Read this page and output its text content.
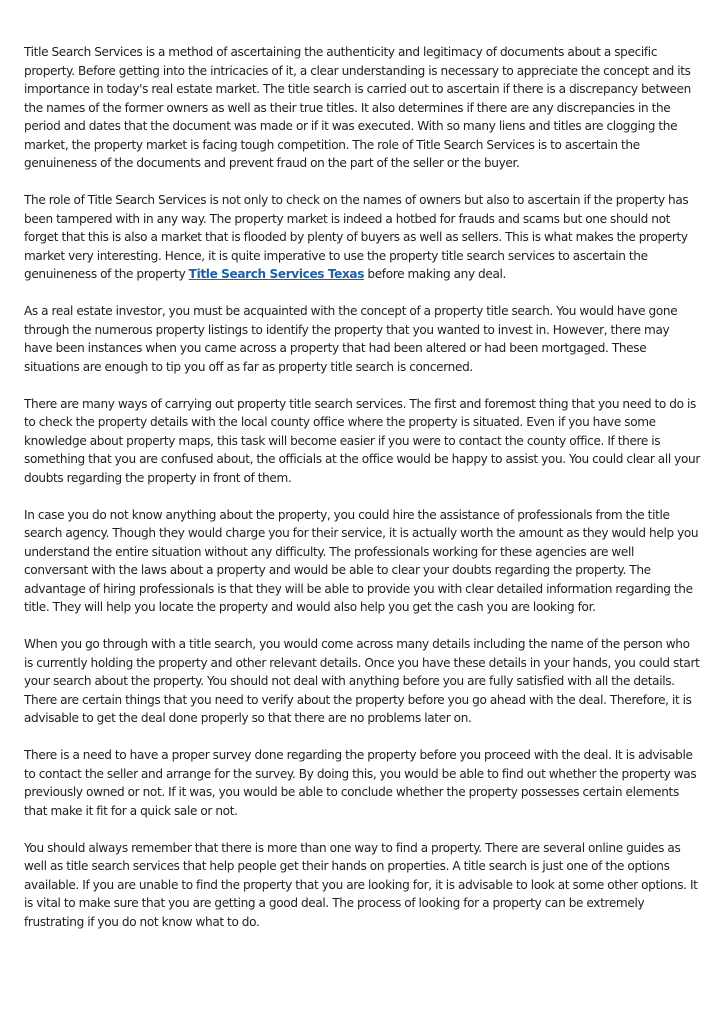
Title Search Services is a method of ascertaining the authenticity and legitimacy of documents about a specific property. Before getting into the intricacies of it, a clear understanding is necessary to appreciate the concept and its importance in today's real estate market. The title search is carried out to ascertain if there is a discrepancy between the names of the former owners as well as their true titles. It also determines if there are any discrepancies in the period and dates that the document was made or if it was executed. With so many liens and titles are clogging the market, the property market is facing tough competition. The role of Title Search Services is to ascertain the genuineness of the documents and prevent fraud on the part of the seller or the buyer.

The role of Title Search Services is not only to check on the names of owners but also to ascertain if the property has been tampered with in any way. The property market is indeed a hotbed for frauds and scams but one should not forget that this is also a market that is flooded by plenty of buyers as well as sellers. This is what makes the property market very interesting. Hence, it is quite imperative to use the property title search services to ascertain the genuineness of the property Title Search Services Texas before making any deal.

As a real estate investor, you must be acquainted with the concept of a property title search. You would have gone through the numerous property listings to identify the property that you wanted to invest in. However, there may have been instances when you came across a property that had been altered or had been mortgaged. These situations are enough to tip you off as far as property title search is concerned.

There are many ways of carrying out property title search services. The first and foremost thing that you need to do is to check the property details with the local county office where the property is situated. Even if you have some knowledge about property maps, this task will become easier if you were to contact the county office. If there is something that you are confused about, the officials at the office would be happy to assist you. You could clear all your doubts regarding the property in front of them.

In case you do not know anything about the property, you could hire the assistance of professionals from the title search agency. Though they would charge you for their service, it is actually worth the amount as they would help you understand the entire situation without any difficulty. The professionals working for these agencies are well conversant with the laws about a property and would be able to clear your doubts regarding the property. The advantage of hiring professionals is that they will be able to provide you with clear detailed information regarding the title. They will help you locate the property and would also help you get the cash you are looking for.

When you go through with a title search, you would come across many details including the name of the person who is currently holding the property and other relevant details. Once you have these details in your hands, you could start your search about the property. You should not deal with anything before you are fully satisfied with all the details. There are certain things that you need to verify about the property before you go ahead with the deal. Therefore, it is advisable to get the deal done properly so that there are no problems later on.

There is a need to have a proper survey done regarding the property before you proceed with the deal. It is advisable to contact the seller and arrange for the survey. By doing this, you would be able to find out whether the property was previously owned or not. If it was, you would be able to conclude whether the property possesses certain elements that make it fit for a quick sale or not.

You should always remember that there is more than one way to find a property. There are several online guides as well as title search services that help people get their hands on properties. A title search is just one of the options available. If you are unable to find the property that you are looking for, it is advisable to look at some other options. It is vital to make sure that you are getting a good deal. The process of looking for a property can be extremely frustrating if you do not know what to do.
